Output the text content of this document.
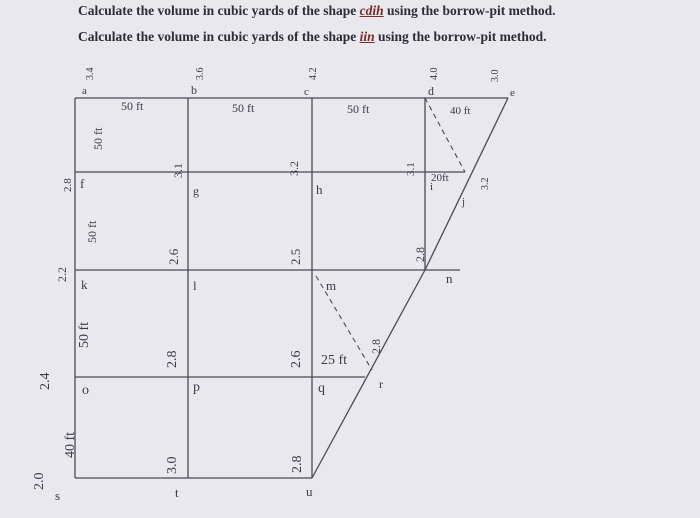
Calculate the volume in cubic yards of the shape cdih using the borrow-pit method.

Calculate the volume in cubic yards of the shape iin using the borrow-pit method.

a	b	c	d	e
f	g	h	i
j
k	l	m	n
o	p	q	r
s	t	u
50 ft	50 ft	50 ft	40 ft
20ft
25 ft
50 ft
50 ft
50 ft
40 ft
3.4	3.6	4.2	4.0	3.0
2.8
3.1	3.2	3.1
3.2
2.2
2.6	2.5	2.8
2.4
2.8	2.6
2.8
2.0
3.0	2.8
